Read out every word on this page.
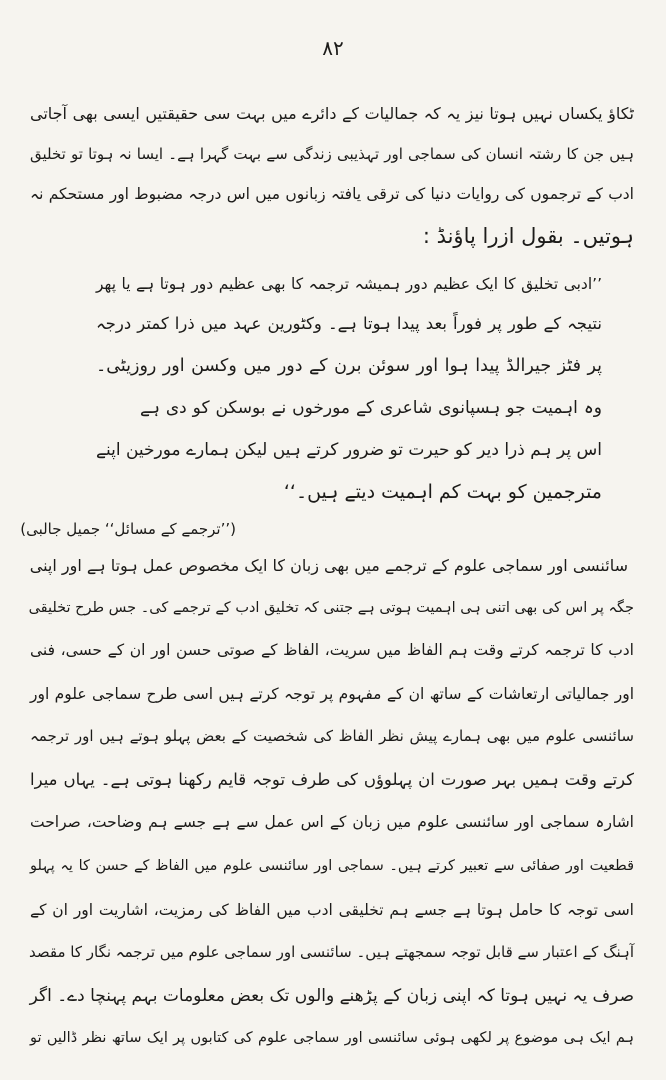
۸۲
ٹکاؤ یکساں نہیں ہوتا نیز یہ کہ جمالیات کے دائرے میں بہت سی حقیقتیں ایسی بھی آجاتی
ہیں جن کا رشتہ انسان کی سماجی اور تہذیبی زندگی سے بہت گہرا ہے۔ ایسا نہ ہوتا تو تخلیق
ادب کے ترجموں کی روایات دنیا کی ترقی یافتہ زبانوں میں اس درجہ مضبوط اور مستحکم نہ
ہوتیں۔ بقول ازرا پاؤنڈ :
’’ادبی تخلیق کا ایک عظیم دور ہمیشہ ترجمہ کا بھی عظیم دور ہوتا ہے یا پھر
نتیجہ کے طور پر فوراً بعد پیدا ہوتا ہے۔ وکٹورین عہد میں ذرا کمتر درجہ
پر فٹز جیرالڈ پیدا ہوا اور سوئن برن کے دور میں وکسن اور روزیٹی۔
وہ اہمیت جو ہسپانوی شاعری کے مورخوں نے بوسکن کو دی ہے
اس پر ہم ذرا دیر کو حیرت تو ضرور کرتے ہیں لیکن ہمارے مورخین اپنے
مترجمین کو بہت کم اہمیت دیتے ہیں۔‘‘
(’’ترجمے کے مسائل‘‘ جمیل جالبی)
سائنسی اور سماجی علوم کے ترجمے میں بھی زبان کا ایک مخصوص عمل ہوتا ہے اور اپنی
جگہ پر اس کی بھی اتنی ہی اہمیت ہوتی ہے جتنی کہ تخلیق ادب کے ترجمے کی۔ جس طرح تخلیقی
ادب کا ترجمہ کرتے وقت ہم الفاظ میں سریت، الفاظ کے صوتی حسن اور ان کے حسی، فنی
اور جمالیاتی ارتعاشات کے ساتھ ان کے مفہوم پر توجہ کرتے ہیں اسی طرح سماجی علوم اور
سائنسی علوم میں بھی ہمارے پیش نظر الفاظ کی شخصیت کے بعض پہلو ہوتے ہیں اور ترجمہ
کرتے وقت ہمیں بہر صورت ان پہلوؤں کی طرف توجہ قایم رکھنا ہوتی ہے۔ یہاں میرا
اشارہ سماجی اور سائنسی علوم میں زبان کے اس عمل سے ہے جسے ہم وضاحت، صراحت
قطعیت اور صفائی سے تعبیر کرتے ہیں۔ سماجی اور سائنسی علوم میں الفاظ کے حسن کا یہ پہلو
اسی توجہ کا حامل ہوتا ہے جسے ہم تخلیقی ادب میں الفاظ کی رمزیت، اشاریت اور ان کے
آہنگ کے اعتبار سے قابل توجہ سمجھتے ہیں۔ سائنسی اور سماجی علوم میں ترجمہ نگار کا مقصد
صرف یہ نہیں ہوتا کہ اپنی زبان کے پڑھنے والوں تک بعض معلومات بہم پہنچا دے۔ اگر
ہم ایک ہی موضوع پر لکھی ہوئی سائنسی اور سماجی علوم کی کتابوں پر ایک ساتھ نظر ڈالیں تو
